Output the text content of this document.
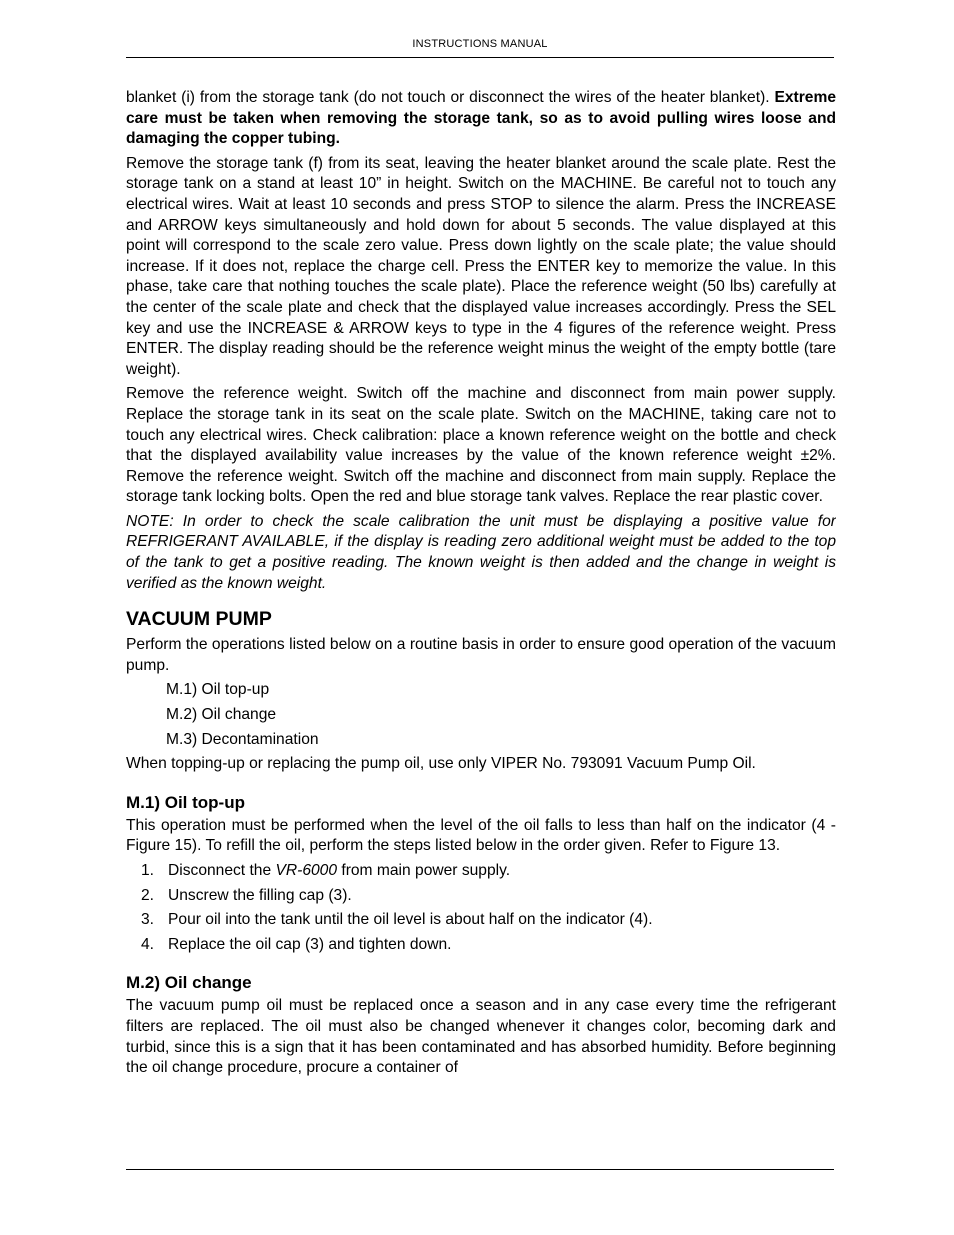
INSTRUCTIONS MANUAL

blanket (i) from the storage tank (do not touch or disconnect the wires of the heater blanket). Extreme care must be taken when removing the storage tank, so as to avoid pulling wires loose and damaging the copper tubing.

Remove the storage tank (f) from its seat, leaving the heater blanket around the scale plate. Rest the storage tank on a stand at least 10” in height. Switch on the MACHINE. Be careful not to touch any electrical wires. Wait at least 10 seconds and press STOP to silence the alarm. Press the INCREASE and ARROW keys simultaneously and hold down for about 5 seconds. The value displayed at this point will correspond to the scale zero value. Press down lightly on the scale plate; the value should increase. If it does not, replace the charge cell. Press the ENTER key to memorize the value. In this phase, take care that nothing touches the scale plate). Place the reference weight (50 lbs) carefully at the center of the scale plate and check that the displayed value increases accordingly. Press the SEL key and use the INCREASE & ARROW keys to type in the 4 figures of the reference weight. Press ENTER. The display reading should be the reference weight minus the weight of the empty bottle (tare weight).

Remove the reference weight. Switch off the machine and disconnect from main power supply. Replace the storage tank in its seat on the scale plate. Switch on the MACHINE, taking care not to touch any electrical wires. Check calibration: place a known reference weight on the bottle and check that the displayed availability value increases by the value of the known reference weight ±2%. Remove the reference weight. Switch off the machine and disconnect from main supply. Replace the storage tank locking bolts. Open the red and blue storage tank valves. Replace the rear plastic cover.

NOTE: In order to check the scale calibration the unit must be displaying a positive value for REFRIGERANT AVAILABLE, if the display is reading zero additional weight must be added to the top of the tank to get a positive reading. The known weight is then added and the change in weight is verified as the known weight.

VACUUM PUMP

Perform the operations listed below on a routine basis in order to ensure good operation of the vacuum pump.

M.1) Oil top-up
M.2) Oil change
M.3) Decontamination

When topping-up or replacing the pump oil, use only VIPER No. 793091 Vacuum Pump Oil.

M.1) Oil top-up

This operation must be performed when the level of the oil falls to less than half on the indicator (4 - Figure 15). To refill the oil, perform the steps listed below in the order given. Refer to Figure 13.

1. Disconnect the VR-6000 from main power supply.
2. Unscrew the filling cap (3).
3. Pour oil into the tank until the oil level is about half on the indicator (4).
4. Replace the oil cap (3) and tighten down.
M.2) Oil change

The vacuum pump oil must be replaced once a season and in any case every time the refrigerant filters are replaced. The oil must also be changed whenever it changes color, becoming dark and turbid, since this is a sign that it has been contaminated and has absorbed humidity. Before beginning the oil change procedure, procure a container of
